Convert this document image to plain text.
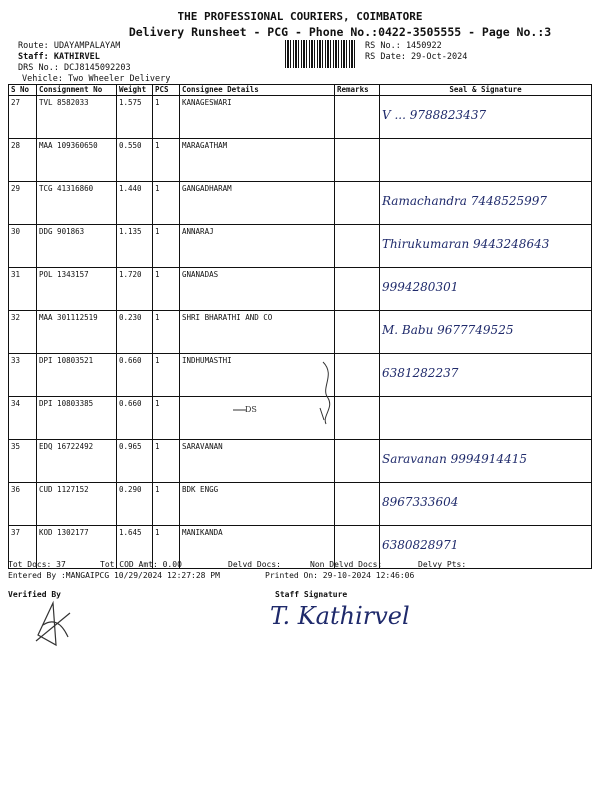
THE PROFESSIONAL COURIERS, COIMBATORE
Delivery Runsheet - PCG - Phone No.:0422-3505555 - Page No.:3
Route: UDAYAMPALAYAM
Staff: KATHIRVEL
DRS No.: DCJ8145092203
Vehicle: Two Wheeler Delivery
RS No.: 1450922
RS Date: 29-Oct-2024
S No	Consignment No	Weight	PCS	Consignee Details	Remarks	Seal & Signature
27	TVL 8582033	1.575	1	KANAGESWARI		V ... 9788823437

28	MAA 109360650	0.550	1	MARAGATHAM		

29	TCG 41316860	1.440	1	GANGADHARAM		Ramachandra 7448525997

30	DDG 901863	1.135	1	ANNARAJ		Thirukumaran 9443248643

31	POL 1343157	1.720	1	GNANADAS		9994280301

32	MAA 301112519	0.230	1	SHRI BHARATHI AND CO		M. Babu 9677749525

33	DPI 10803521	0.660	1	INDHUMASTHI		6381282237

34	DPI 10803385	0.660	1			

35	EDQ 16722492	0.965	1	SARAVANAN		Saravanan 9994914415

36	CUD 1127152	0.290	1	BDK ENGG		8967333604

37	KOD 1302177	1.645	1	MANIKANDA		6380828971
Tot Docs: 37	Tot COD Amt: 0.00	Delvd Docs:	Non Delvd Docs:	Delvy Pts:
Entered By :MANGAIPCG 10/29/2024 12:27:28 PM	Printed On: 29-10-2024 12:46:06
Verified By	Staff Signature
T. Kathirvel
DS
